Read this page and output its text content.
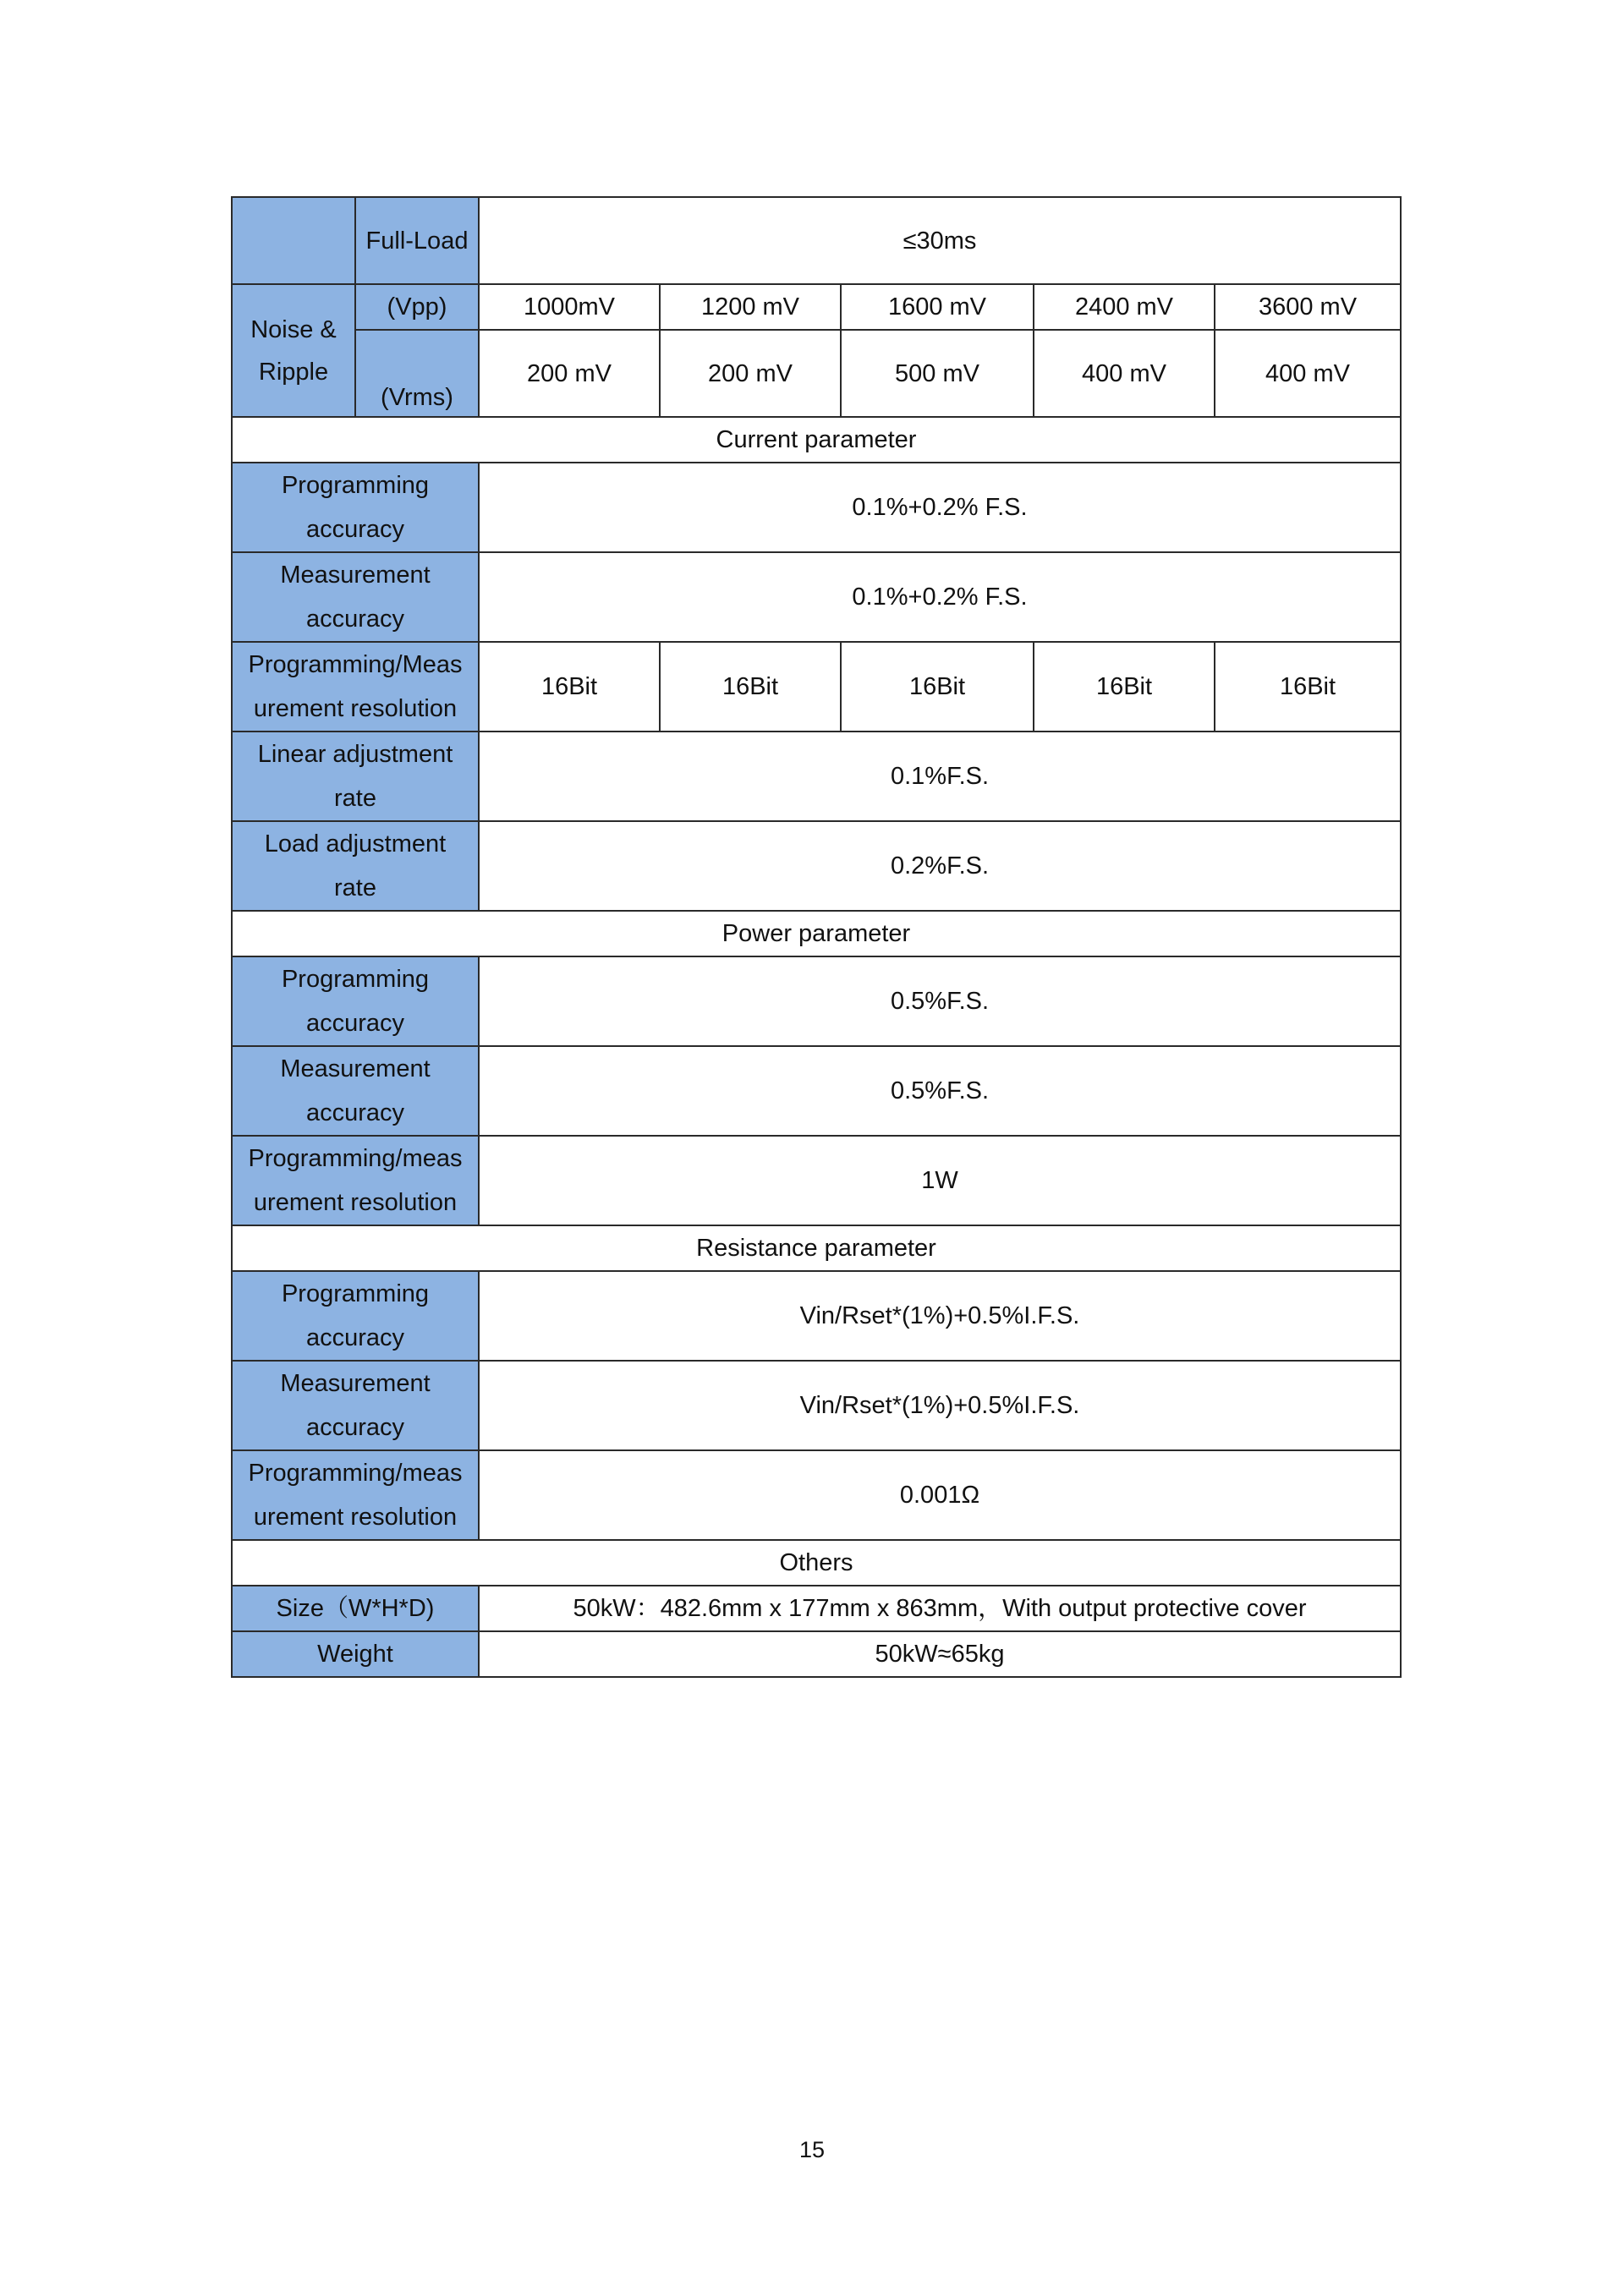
	Full-Load	≤30ms				
Noise &
Ripple	(Vpp)	1000mV	1200 mV	1600 mV	2400 mV	3600 mV

	(Vrms)	200 mV	200 mV	500 mV	400 mV	400 mV
Current parameter						
Programming
accuracy		0.1%+0.2% F.S.				
Measurement
accuracy		0.1%+0.2% F.S.				
Programming/Meas
urement resolution		16Bit	16Bit	16Bit	16Bit	16Bit
Linear adjustment
rate		0.1%F.S.				
Load adjustment
rate		0.2%F.S.				
Power parameter						
Programming
accuracy		0.5%F.S.				
Measurement
accuracy		0.5%F.S.				
Programming/meas
urement resolution		1W				
Resistance parameter						
Programming
accuracy		Vin/Rset*(1%)+0.5%I.F.S.				
Measurement
accuracy		Vin/Rset*(1%)+0.5%I.F.S.				
Programming/meas
urement resolution		0.001Ω				
Others						
Size（W*H*D)		50kW：482.6mm x 177mm x 863mm，With output protective cover				
Weight		50kW≈65kg				
15
